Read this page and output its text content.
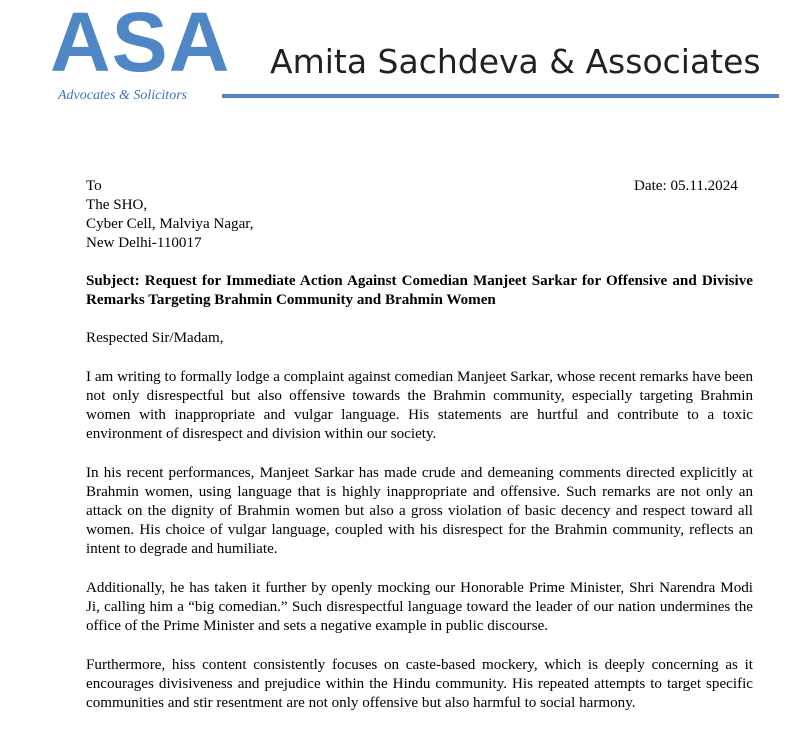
ASA
Advocates & Solicitors
Amita Sachdeva & Associates
Date: 05.11.2024
To
The SHO,
Cyber Cell, Malviya Nagar,
New Delhi-110017
Subject: Request for Immediate Action Against Comedian Manjeet Sarkar for Offensive and Divisive Remarks Targeting Brahmin Community and Brahmin Women
Respected Sir/Madam,
I am writing to formally lodge a complaint against comedian Manjeet Sarkar, whose recent remarks have been not only disrespectful but also offensive towards the Brahmin community, especially targeting Brahmin women with inappropriate and vulgar language. His statements are hurtful and contribute to a toxic environment of disrespect and division within our society.
In his recent performances, Manjeet Sarkar has made crude and demeaning comments directed explicitly at Brahmin women, using language that is highly inappropriate and offensive. Such remarks are not only an attack on the dignity of Brahmin women but also a gross violation of basic decency and respect toward all women. His choice of vulgar language, coupled with his disrespect for the Brahmin community, reflects an intent to degrade and humiliate.
Additionally, he has taken it further by openly mocking our Honorable Prime Minister, Shri Narendra Modi Ji, calling him a “big comedian.” Such disrespectful language toward the leader of our nation undermines the office of the Prime Minister and sets a negative example in public discourse.
Furthermore, hiss content consistently focuses on caste-based mockery, which is deeply concerning as it encourages divisiveness and prejudice within the Hindu community. His repeated attempts to target specific communities and stir resentment are not only offensive but also harmful to social harmony.
